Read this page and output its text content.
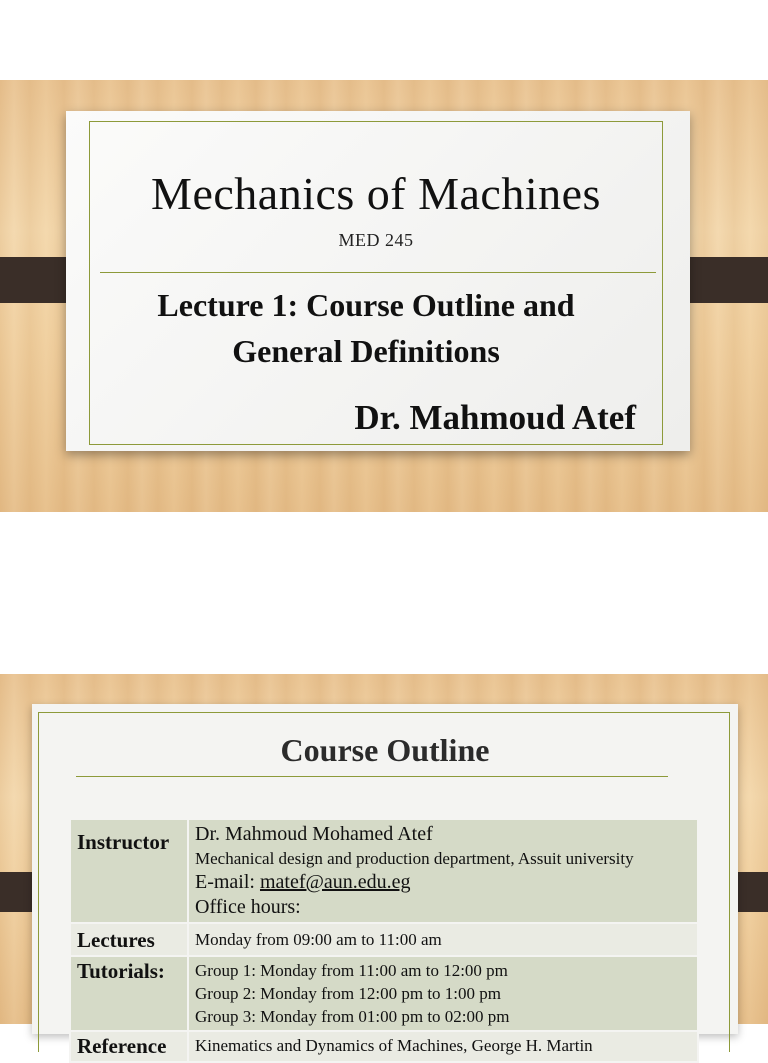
Mechanics of Machines
MED 245
Lecture 1: Course Outline and
General Definitions
Dr. Mahmoud Atef
Course Outline
Instructor	Dr. Mahmoud Mohamed Atef
Mechanical design and production department, Assuit university
E-mail: matef@aun.edu.eg
Office hours:

Lectures	Monday from 09:00 am to 11:00 am
Tutorials:	Group 1: Monday from 11:00 am to 12:00 pm
Group 2: Monday from 12:00 pm to 1:00 pm
Group 3: Monday from 01:00 pm to 02:00 pm

Reference	Kinematics and Dynamics of Machines, George H. Martin
